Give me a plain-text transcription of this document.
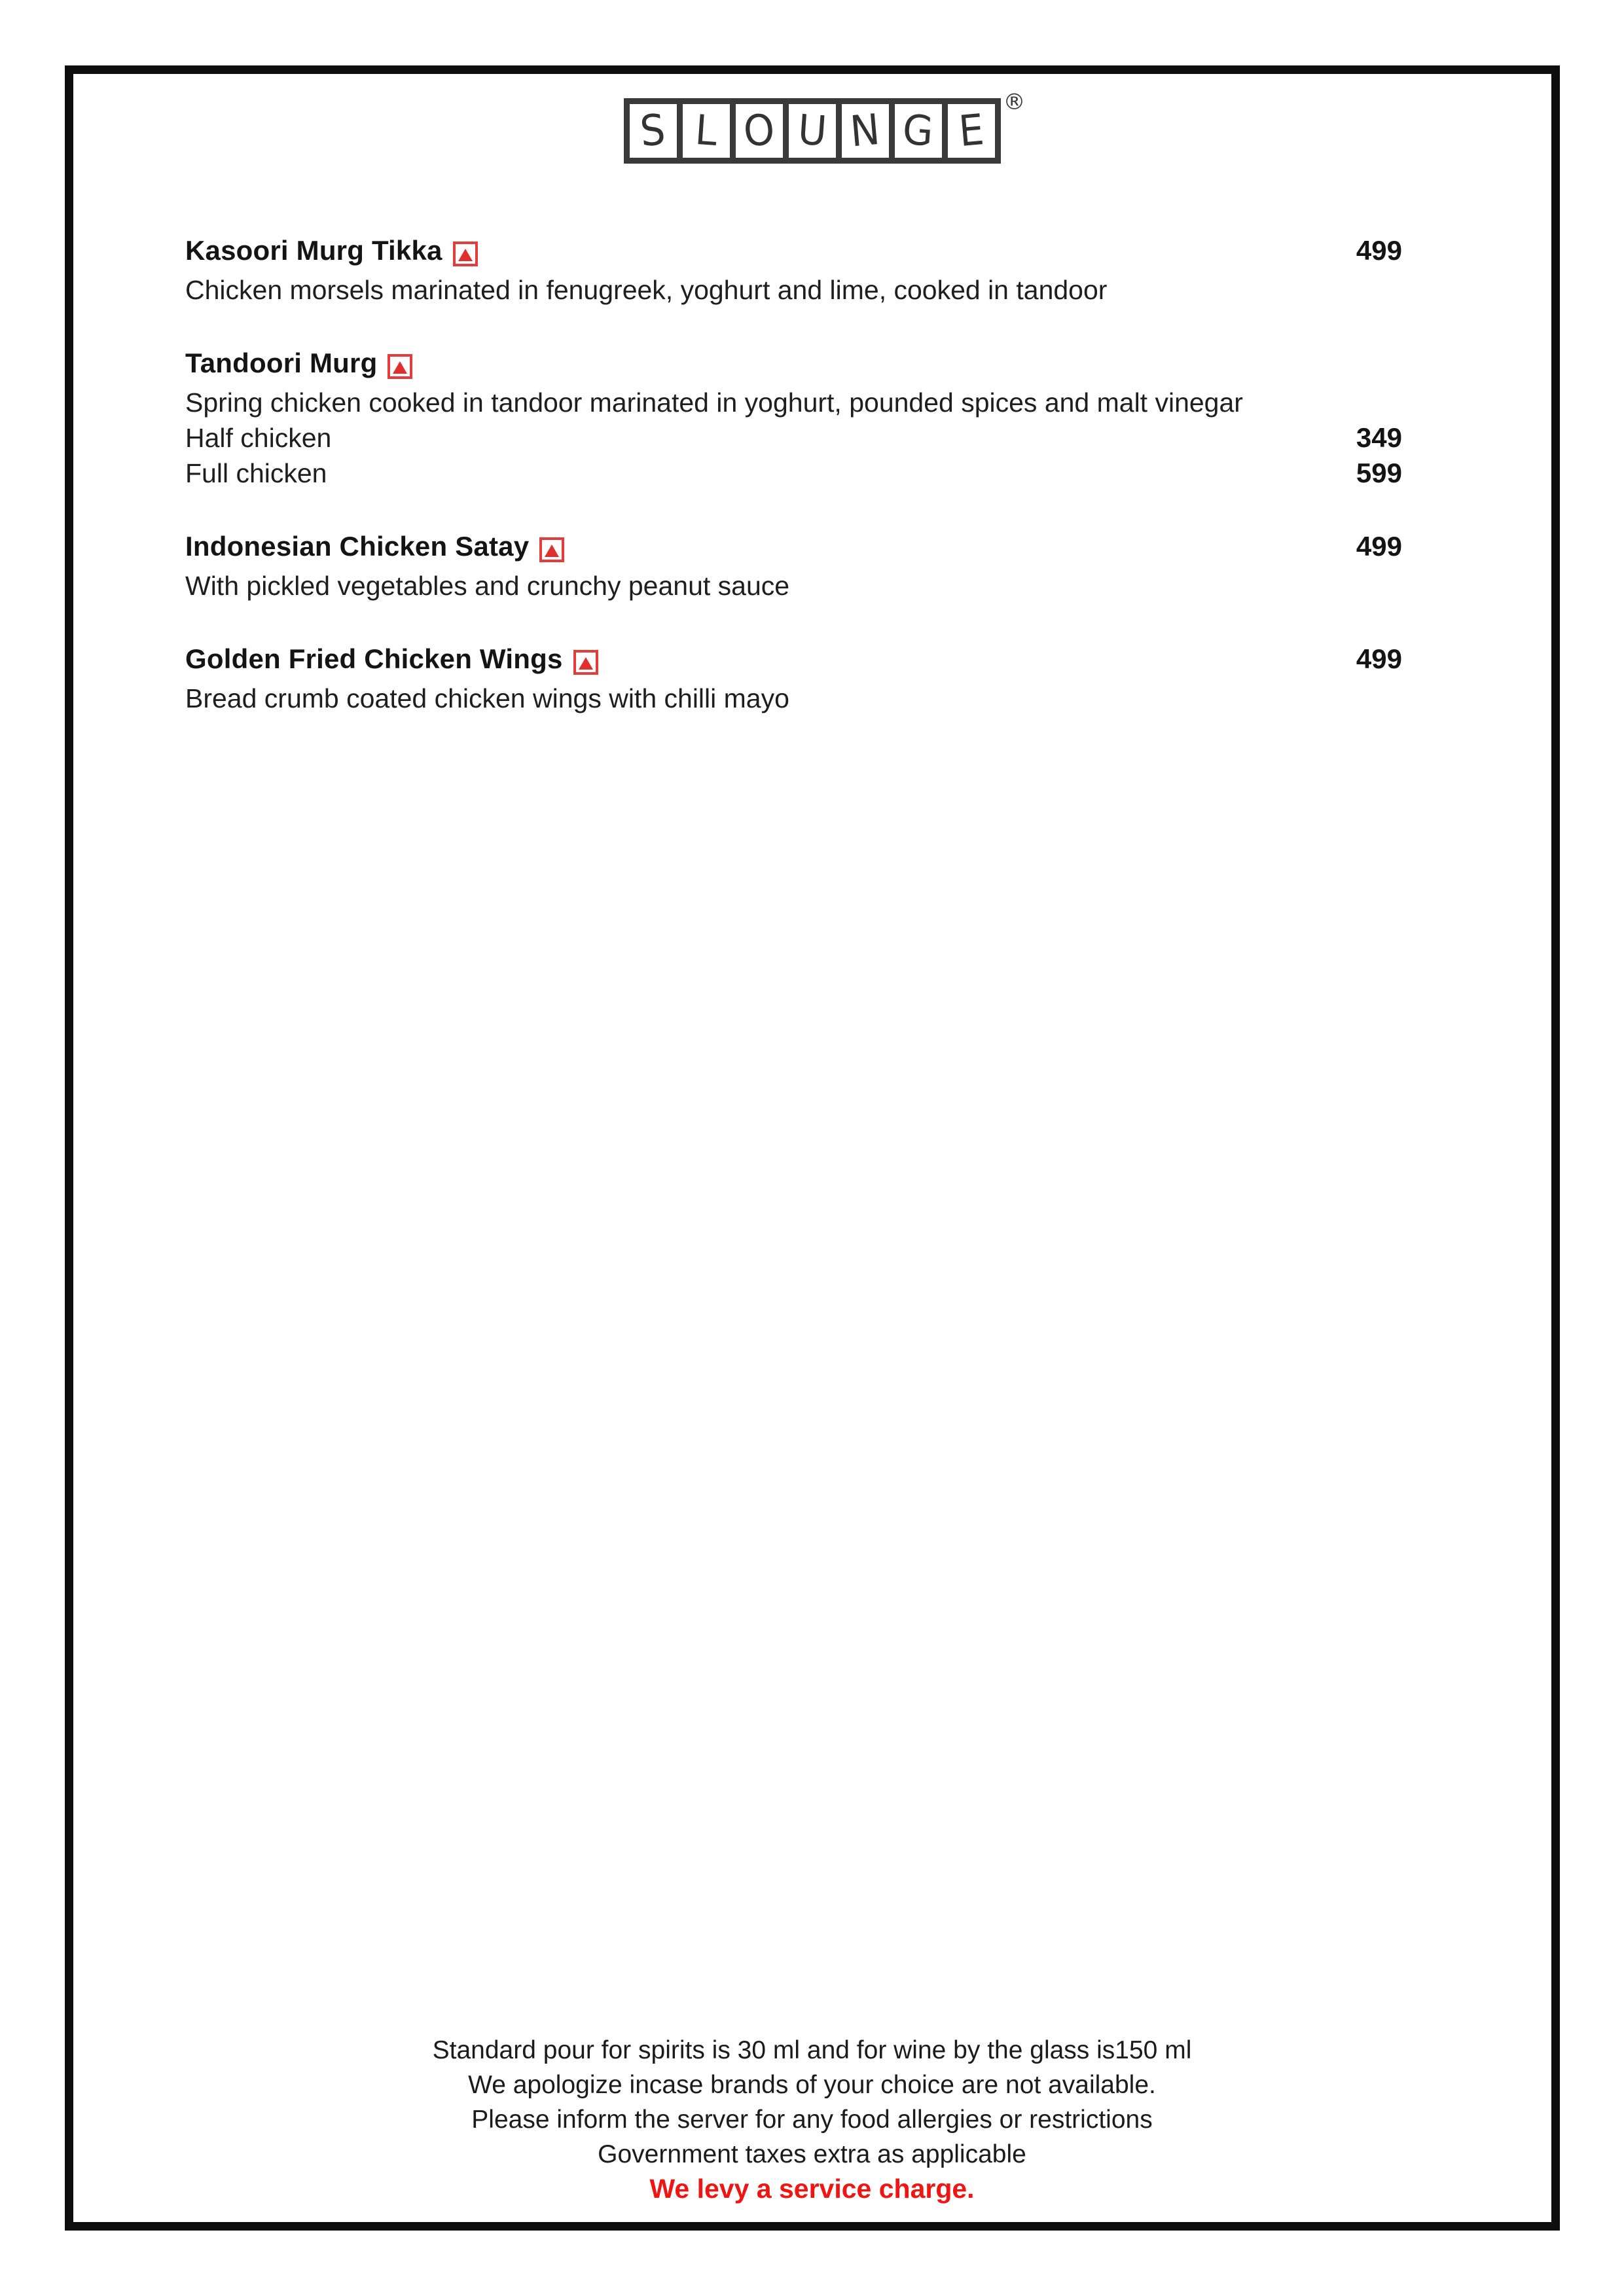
S L O U N G E
®
Kasoori Murg Tikka	499

Chicken morsels marinated in fenugreek, yoghurt and lime, cooked in tandoor

Tandoori Murg

Spring chicken cooked in tandoor marinated in yoghurt, pounded spices and malt vinegar

Half chicken	349
Full chicken	599
Indonesian Chicken Satay	499

With pickled vegetables and crunchy peanut sauce

Golden Fried Chicken Wings	499

Bread crumb coated chicken wings with chilli mayo

Standard pour for spirits is 30 ml and for wine by the glass is150 ml
We apologize incase brands of your choice are not available.
Please inform the server for any food allergies or restrictions
Government taxes extra as applicable
We levy a service charge.
